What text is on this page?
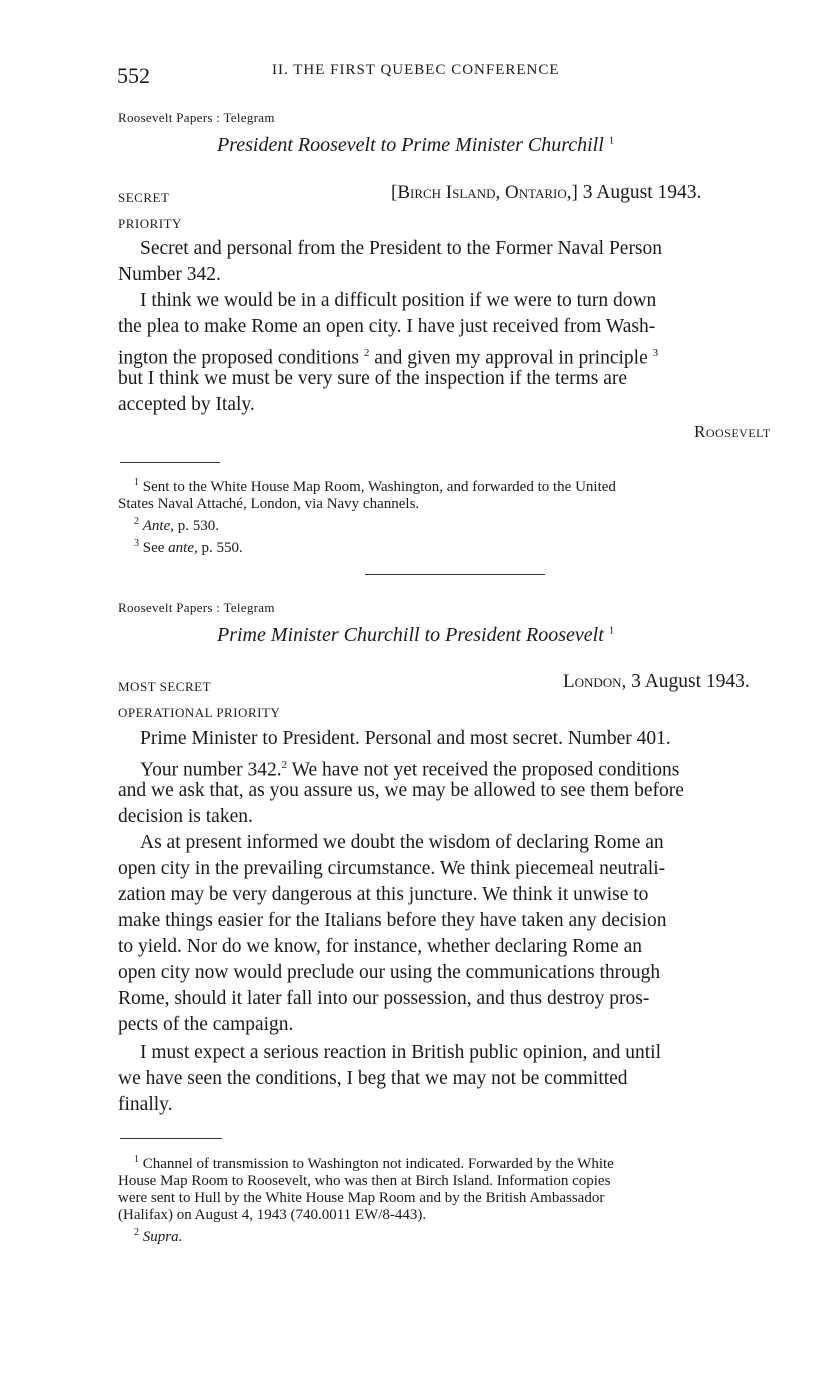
552	II. THE FIRST QUEBEC CONFERENCE
Roosevelt Papers : Telegram
President Roosevelt to Prime Minister Churchill $^1$
SECRET	[Birch Island, Ontario,] 3 August 1943.
PRIORITY
Secret and personal from the President to the Former Naval Person
Number 342.
I think we would be in a difficult position if we were to turn down
the plea to make Rome an open city. I have just received from Wash-
ington the proposed conditions $^2$ and given my approval in principle $^3$
but I think we must be very sure of the inspection if the terms are
accepted by Italy.
Roosevelt
$^1$ Sent to the White House Map Room, Washington, and forwarded to the United
States Naval Attaché, London, via Navy channels.
$^2$ Ante, p. 530.
$^3$ See ante, p. 550.
Roosevelt Papers : Telegram
Prime Minister Churchill to President Roosevelt $^1$
MOST SECRET	London, 3 August 1943.
OPERATIONAL PRIORITY
Prime Minister to President. Personal and most secret. Number 401.
Your number 342.$^2$ We have not yet received the proposed conditions
and we ask that, as you assure us, we may be allowed to see them before
decision is taken.
As at present informed we doubt the wisdom of declaring Rome an
open city in the prevailing circumstance. We think piecemeal neutrali-
zation may be very dangerous at this juncture. We think it unwise to
make things easier for the Italians before they have taken any decision
to yield. Nor do we know, for instance, whether declaring Rome an
open city now would preclude our using the communications through
Rome, should it later fall into our possession, and thus destroy pros-
pects of the campaign.
I must expect a serious reaction in British public opinion, and until
we have seen the conditions, I beg that we may not be committed
finally.
$^1$ Channel of transmission to Washington not indicated. Forwarded by the White
House Map Room to Roosevelt, who was then at Birch Island. Information copies
were sent to Hull by the White House Map Room and by the British Ambassador
(Halifax) on August 4, 1943 (740.0011 EW/8-443).
$^2$ Supra.
